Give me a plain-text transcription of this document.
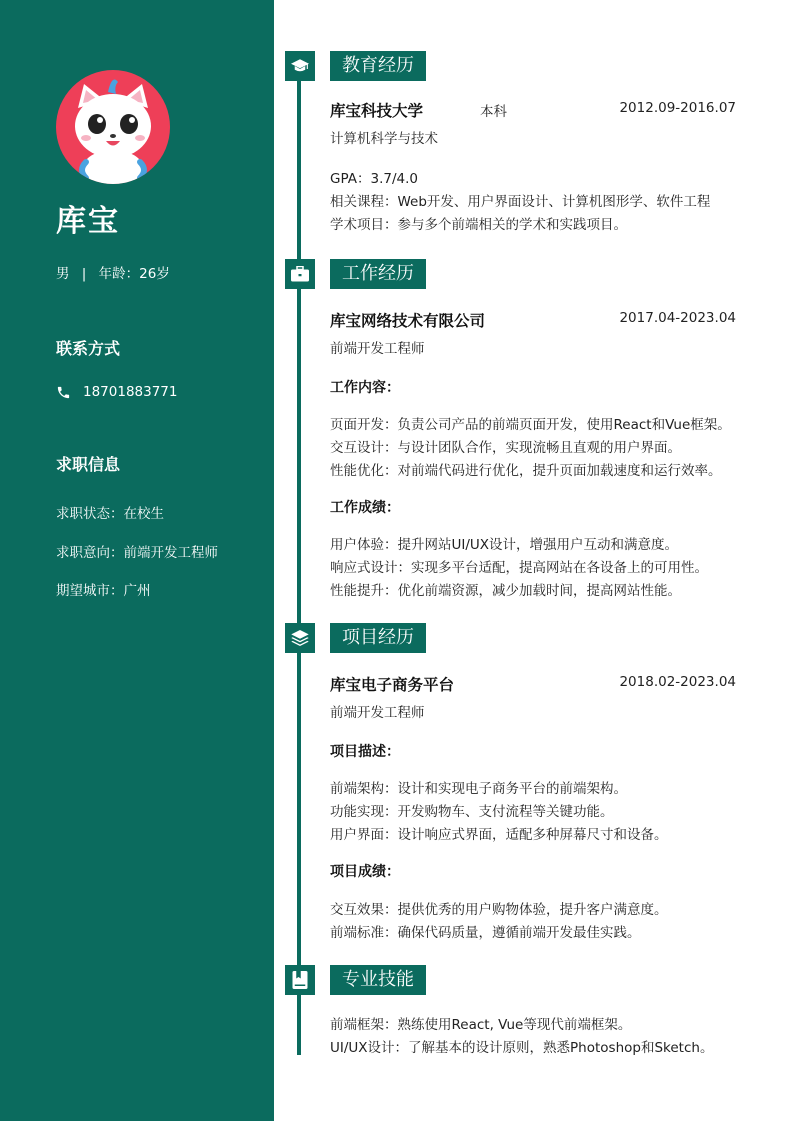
库宝
男 | 年龄：26岁
联系方式
18701883771
求职信息
求职状态：在校生
求职意向：前端开发工程师
期望城市：广州
教育经历
库宝科技大学	本科	2012.09-2016.07
计算机科学与技术
GPA：3.7/4.0
相关课程：Web开发、用户界面设计、计算机图形学、软件工程
学术项目：参与多个前端相关的学术和实践项目。
工作经历
库宝网络技术有限公司	2017.04-2023.04
前端开发工程师
工作内容：
页面开发：负责公司产品的前端页面开发，使用React和Vue框架。
交互设计：与设计团队合作，实现流畅且直观的用户界面。
性能优化：对前端代码进行优化，提升页面加载速度和运行效率。
工作成绩：
用户体验：提升网站UI/UX设计，增强用户互动和满意度。
响应式设计：实现多平台适配，提高网站在各设备上的可用性。
性能提升：优化前端资源，减少加载时间，提高网站性能。
项目经历
库宝电子商务平台	2018.02-2023.04
前端开发工程师
项目描述：
前端架构：设计和实现电子商务平台的前端架构。
功能实现：开发购物车、支付流程等关键功能。
用户界面：设计响应式界面，适配多种屏幕尺寸和设备。
项目成绩：
交互效果：提供优秀的用户购物体验，提升客户满意度。
前端标准：确保代码质量，遵循前端开发最佳实践。
专业技能
前端框架：熟练使用React, Vue等现代前端框架。
UI/UX设计：了解基本的设计原则，熟悉Photoshop和Sketch。
